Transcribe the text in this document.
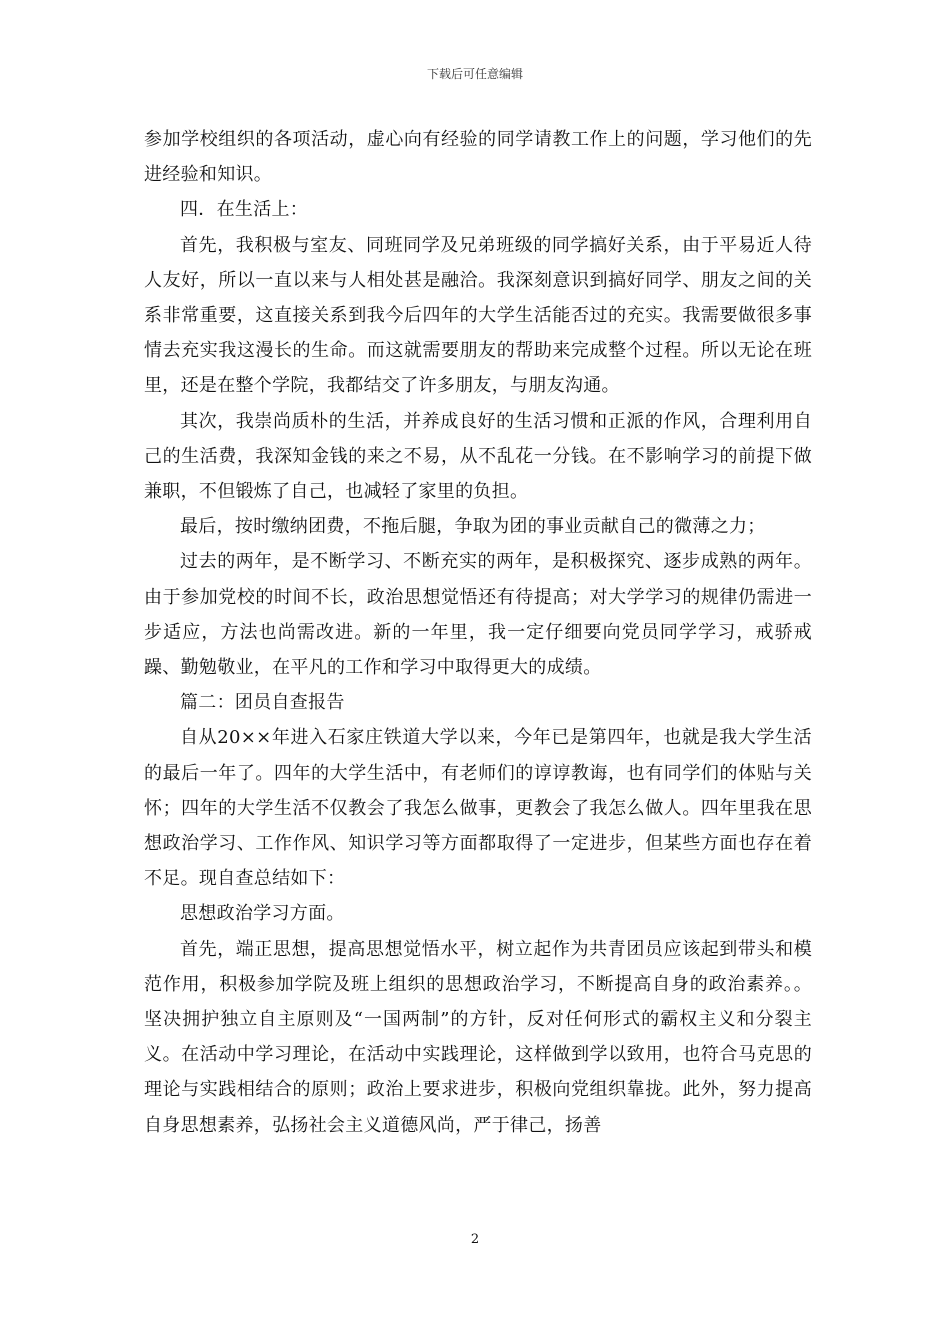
下载后可任意编辑

参加学校组织的各项活动，虚心向有经验的同学请教工作上的问题，学习他们的先进经验和知识。

四．在生活上：

首先，我积极与室友、同班同学及兄弟班级的同学搞好关系，由于平易近人待人友好，所以一直以来与人相处甚是融洽。我深刻意识到搞好同学、朋友之间的关系非常重要，这直接关系到我今后四年的大学生活能否过的充实。我需要做很多事情去充实我这漫长的生命。而这就需要朋友的帮助来完成整个过程。所以无论在班里，还是在整个学院，我都结交了许多朋友，与朋友沟通。

其次，我崇尚质朴的生活，并养成良好的生活习惯和正派的作风，合理利用自己的生活费，我深知金钱的来之不易，从不乱花一分钱。在不影响学习的前提下做兼职，不但锻炼了自己，也减轻了家里的负担。

最后，按时缴纳团费，不拖后腿，争取为团的事业贡献自己的微薄之力；

过去的两年，是不断学习、不断充实的两年，是积极探究、逐步成熟的两年。由于参加党校的时间不长，政治思想觉悟还有待提高；对大学学习的规律仍需进一步适应，方法也尚需改进。新的一年里，我一定仔细要向党员同学学习，戒骄戒躁、勤勉敬业，在平凡的工作和学习中取得更大的成绩。

篇二：团员自查报告

自从20××年进入石家庄铁道大学以来，今年已是第四年，也就是我大学生活的最后一年了。四年的大学生活中，有老师们的谆谆教诲，也有同学们的体贴与关怀；四年的大学生活不仅教会了我怎么做事，更教会了我怎么做人。四年里我在思想政治学习、工作作风、知识学习等方面都取得了一定进步，但某些方面也存在着不足。现自查总结如下：

思想政治学习方面。

首先，端正思想，提高思想觉悟水平，树立起作为共青团员应该起到带头和模范作用，积极参加学院及班上组织的思想政治学习，不断提高自身的政治素养。。坚决拥护独立自主原则及“一国两制”的方针，反对任何形式的霸权主义和分裂主义。在活动中学习理论，在活动中实践理论，这样做到学以致用，也符合马克思的理论与实践相结合的原则；政治上要求进步，积极向党组织靠拢。此外，努力提高自身思想素养，弘扬社会主义道德风尚，严于律己，扬善

2
